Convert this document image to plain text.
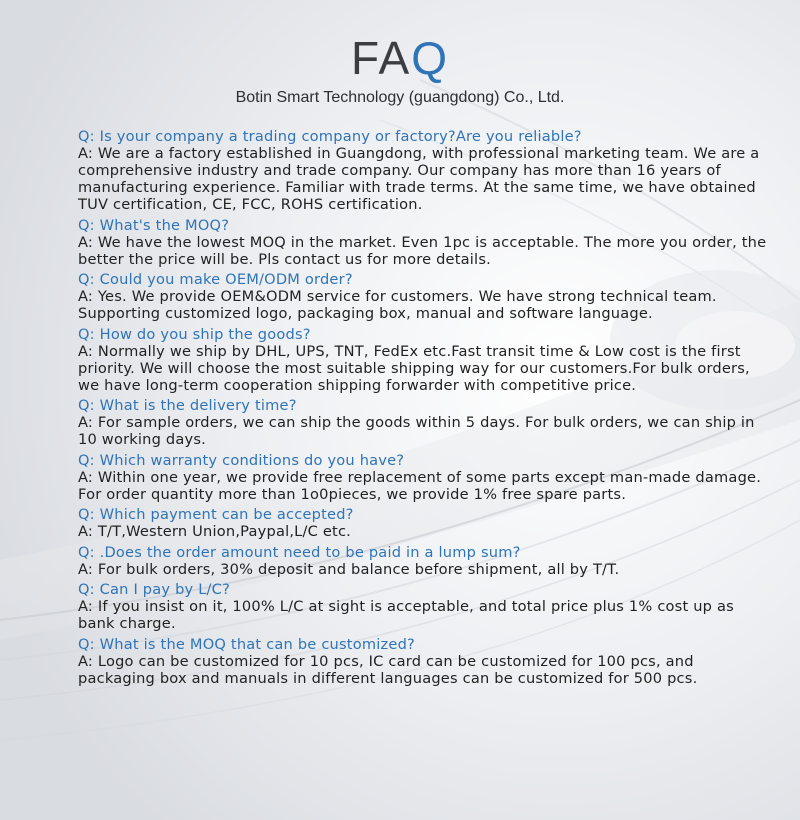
FAQ
Botin Smart Technology (guangdong) Co., Ltd.
Q: Is your company a trading company or factory?Are you reliable?
A: We are a factory established in Guangdong, with professional marketing team. We are a comprehensive industry and trade company. Our company has more than 16 years of manufacturing experience. Familiar with trade terms. At the same time, we have obtained TUV certification, CE, FCC, ROHS certification.
Q: What's the MOQ?
A: We have the lowest MOQ in the market. Even 1pc is acceptable. The more you order, the better the price will be. Pls contact us for more details.
Q: Could you make OEM/ODM order?
A: Yes. We provide OEM&ODM service for customers. We have strong technical team. Supporting customized logo, packaging box, manual and software language.
Q: How do you ship the goods?
A: Normally we ship by DHL, UPS, TNT, FedEx etc.Fast transit time & Low cost is the first priority. We will choose the most suitable shipping way for our customers.For bulk orders, we have long-term cooperation shipping forwarder with competitive price.
Q: What is the delivery time?
A: For sample orders, we can ship the goods within 5 days. For bulk orders, we can ship in 10 working days.
Q: Which warranty conditions do you have?
A: Within one year, we provide free replacement of some parts except man-made damage. For order quantity more than 1o0pieces, we provide 1% free spare parts.
Q: Which payment can be accepted?
A: T/T,Western Union,Paypal,L/C etc.
Q: .Does the order amount need to be paid in a lump sum?
A: For bulk orders, 30% deposit and balance before shipment, all by T/T.
Q: Can I pay by L/C?
A: If you insist on it, 100% L/C at sight is acceptable, and total price plus 1% cost up as bank charge.
Q: What is the MOQ that can be customized?
A: Logo can be customized for 10 pcs, IC card can be customized for 100 pcs, and packaging box and manuals in different languages can be customized for 500 pcs.
